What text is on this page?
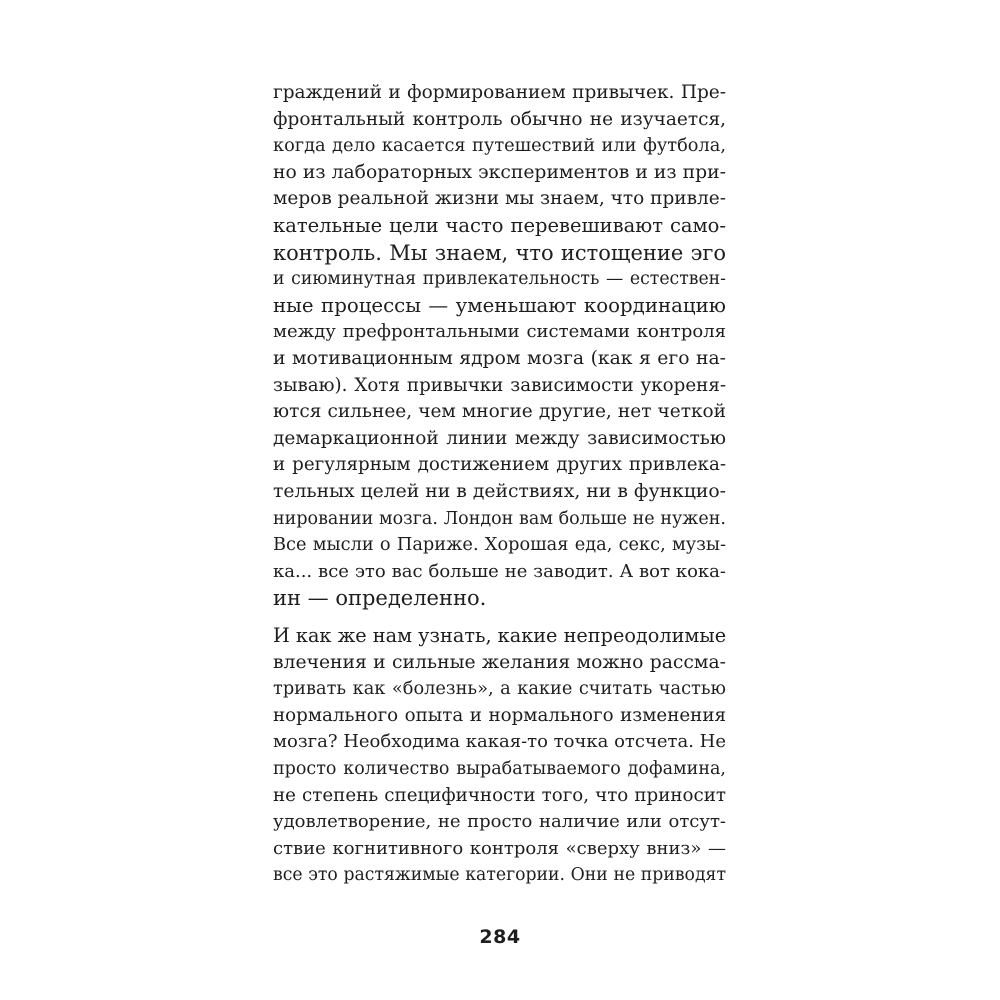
граждений и формированием привычек. Пре-
фронтальный контроль обычно не изучается,
когда дело касается путешествий или футбола,
но из лабораторных экспериментов и из при-
меров реальной жизни мы знаем, что привле-
кательные цели часто перевешивают само-
контроль. Мы знаем, что истощение эго
и сиюминутная привлекательность — естествен-
ные процессы — уменьшают координацию
между префронтальными системами контроля
и мотивационным ядром мозга (как я его на-
зываю). Хотя привычки зависимости укореня-
ются сильнее, чем многие другие, нет четкой
демаркационной линии между зависимостью
и регулярным достижением других привлека-
тельных целей ни в действиях, ни в функцио-
нировании мозга. Лондон вам больше не нужен.
Все мысли о Париже. Хорошая еда, секс, музы-
ка... все это вас больше не заводит. А вот кока-
ин — определенно.
И как же нам узнать, какие непреодолимые
влечения и сильные желания можно рассма-
тривать как «болезнь», а какие считать частью
нормального опыта и нормального изменения
мозга? Необходима какая-то точка отсчета. Не
просто количество вырабатываемого дофамина,
не степень специфичности того, что приносит
удовлетворение, не просто наличие или отсут-
ствие когнитивного контроля «сверху вниз» —
все это растяжимые категории. Они не приводят
284
